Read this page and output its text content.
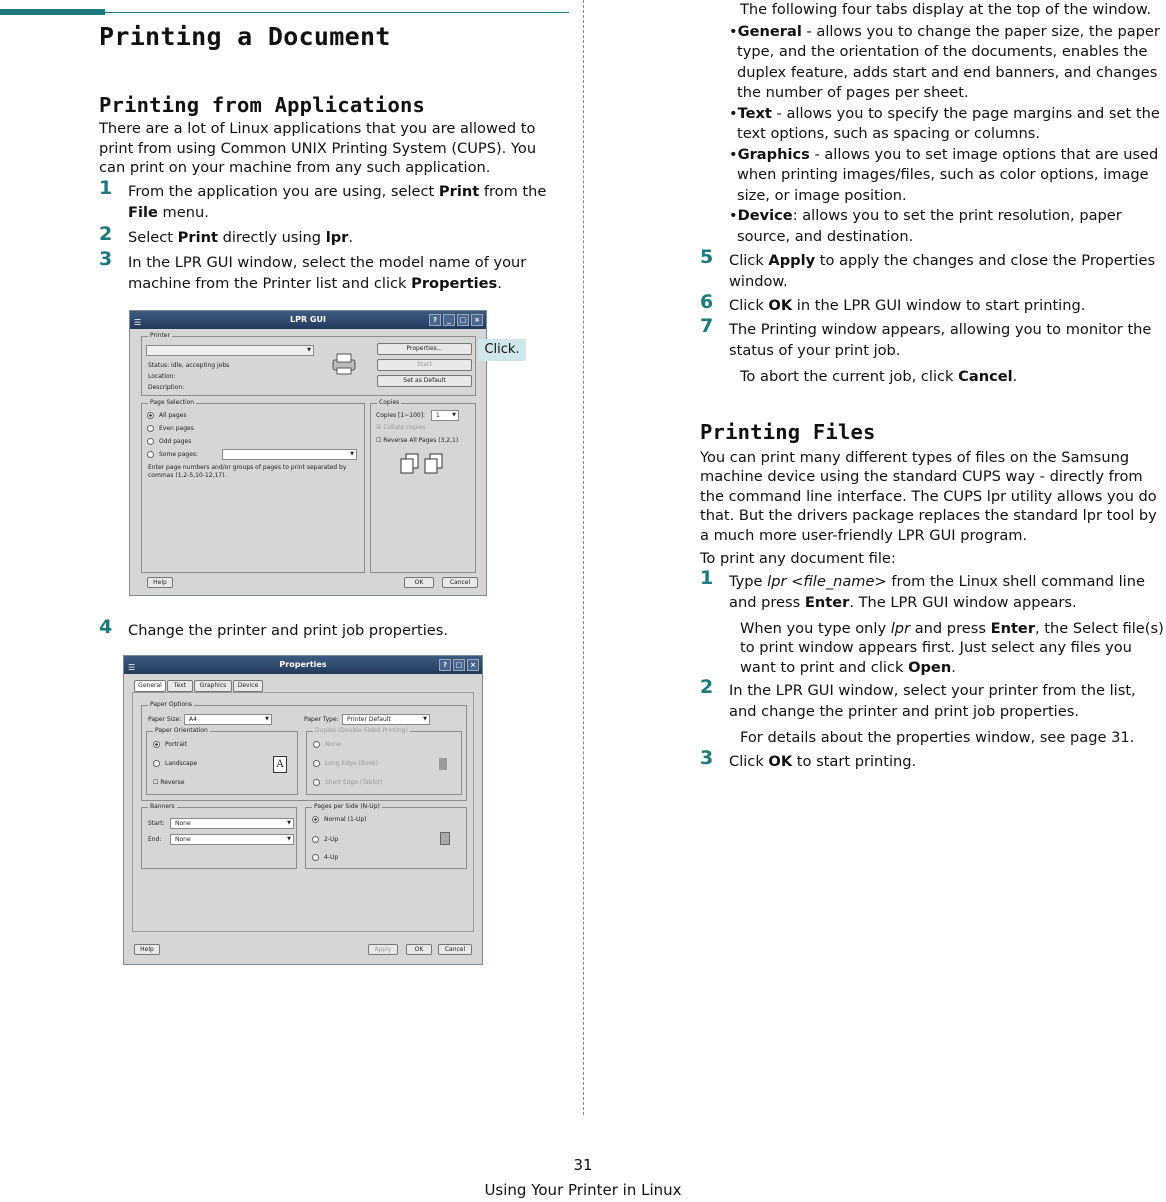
Printing a Document
Printing from Applications

There are a lot of Linux applications that you are allowed to print from using Common UNIX Printing System (CUPS). You can print on your machine from any such application.

1 From the application you are using, select Print from the File menu.
2 Select Print directly using lpr.
3 In the LPR GUI window, select the model name of your machine from the Printer list and click Properties.
4 Change the printer and print job properties.
☰	LPR GUI	?	_	□	×
Printer
▼
Status: idle, accepting jobs
Location:
Description:
Properties...
Start
Set as Default
Page Selection
All pages
Even pages
Odd pages
Some pages:
▼
Enter page numbers and/or groups of pages to print separated by commas (1,2-5,10-12,17).
Copies
Copies [1~100]:	1 ▼
☒ Collate copies
☐ Reverse All Pages (3,2,1)
Help	OK	Cancel
Click.
☰	Properties	?	□	×
General	Text	Graphics	Device
Paper Options
Paper Size:	A4 ▼	Paper Type:	Printer Default ▼
Paper Orientation
Portrait
Landscape
☐ Reverse
A
Duplex (Double-Sided Printing)
None
Long Edge (Book)
Short Edge (Tablet)
Banners
Start:	None ▼
End:	None ▼
Pages per Side (N-Up)
Normal (1-Up)
2-Up
4-Up
Help	Apply	OK	Cancel

The following four tabs display at the top of the window.

•General - allows you to change the paper size, the paper type, and the orientation of the documents, enables the duplex feature, adds start and end banners, and changes the number of pages per sheet.
•Text - allows you to specify the page margins and set the text options, such as spacing or columns.
•Graphics - allows you to set image options that are used when printing images/files, such as color options, image size, or image position.
•Device: allows you to set the print resolution, paper source, and destination.
5 Click Apply to apply the changes and close the Properties window.
6 Click OK in the LPR GUI window to start printing.
7 The Printing window appears, allowing you to monitor the status of your print job.

To abort the current job, click Cancel.

Printing Files

You can print many different types of files on the Samsung machine device using the standard CUPS way - directly from the command line interface. The CUPS lpr utility allows you do that. But the drivers package replaces the standard lpr tool by a much more user-friendly LPR GUI program.

To print any document file:

1 Type lpr <file_name> from the Linux shell command line and press Enter. The LPR GUI window appears.

When you type only lpr and press Enter, the Select file(s) to print window appears first. Just select any files you want to print and click Open.

2 In the LPR GUI window, select your printer from the list, and change the printer and print job properties.

For details about the properties window, see page 31.

3 Click OK to start printing.
31
Using Your Printer in Linux
